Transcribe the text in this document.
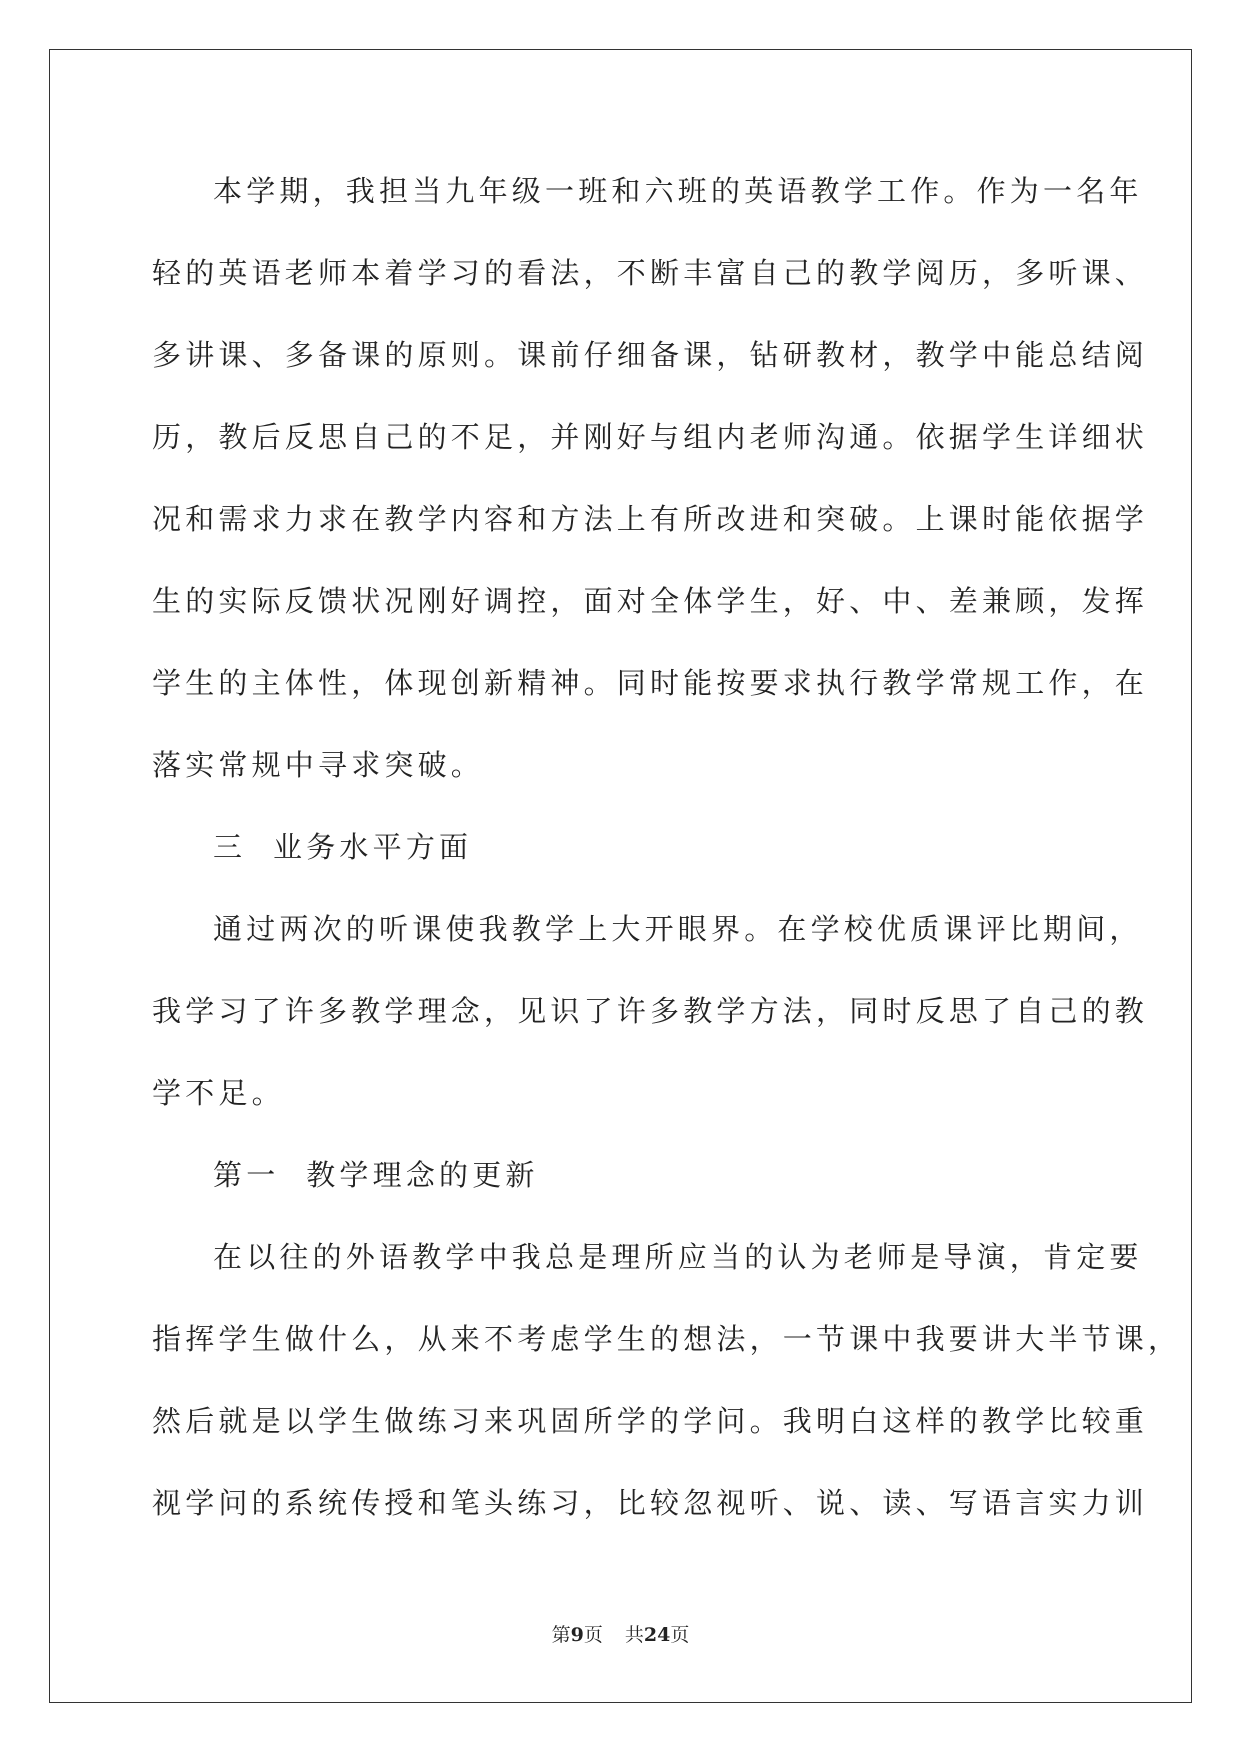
本学期，我担当九年级一班和六班的英语教学工作。作为一名年
轻的英语老师本着学习的看法，不断丰富自己的教学阅历，多听课、
多讲课、多备课的原则。课前仔细备课，钻研教材，教学中能总结阅
历，教后反思自己的不足，并刚好与组内老师沟通。依据学生详细状
况和需求力求在教学内容和方法上有所改进和突破。上课时能依据学
生的实际反馈状况刚好调控，面对全体学生，好、中、差兼顾，发挥
学生的主体性，体现创新精神。同时能按要求执行教学常规工作，在
落实常规中寻求突破。
三  业务水平方面
通过两次的听课使我教学上大开眼界。在学校优质课评比期间，
我学习了许多教学理念，见识了许多教学方法，同时反思了自己的教
学不足。
第一  教学理念的更新
在以往的外语教学中我总是理所应当的认为老师是导演，肯定要
指挥学生做什么，从来不考虑学生的想法，一节课中我要讲大半节课，
然后就是以学生做练习来巩固所学的学问。我明白这样的教学比较重
视学问的系统传授和笔头练习，比较忽视听、说、读、写语言实力训
第9页 共24页
